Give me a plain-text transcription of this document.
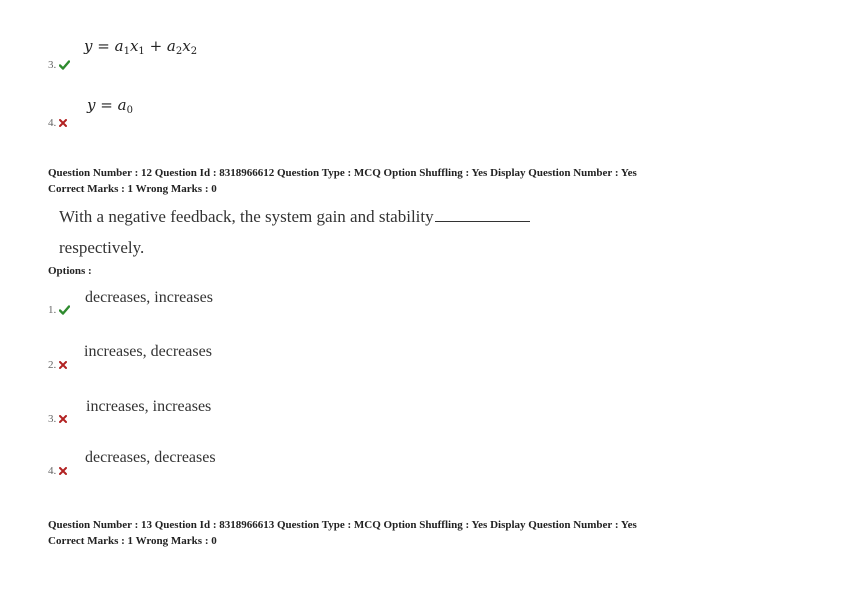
$y = a_1x_1 + a_2x_2$
3.
$y = a_0$
4.
Question Number : 12 Question Id : 8318966612 Question Type : MCQ Option Shuffling : Yes Display Question Number : Yes
Correct Marks : 1 Wrong Marks : 0
With a negative feedback, the system gain and stability
respectively.
Options :
decreases, increases
1.
increases, decreases
2.
increases, increases
3.
decreases, decreases
4.
Question Number : 13 Question Id : 8318966613 Question Type : MCQ Option Shuffling : Yes Display Question Number : Yes
Correct Marks : 1 Wrong Marks : 0
